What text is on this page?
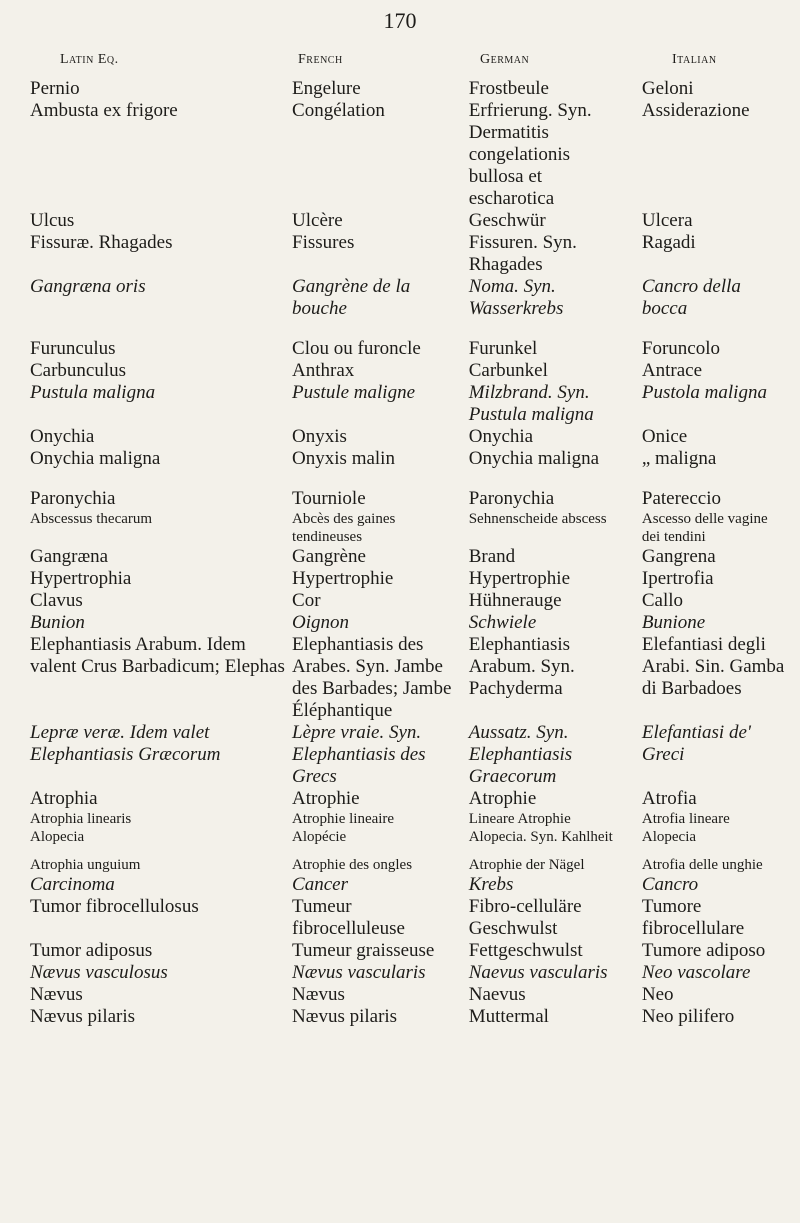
170
Latin Eq.	French	German	Italian
Pernio	Engelure	Frostbeule	Geloni

Ambusta ex frigore	Congélation	Erfrierung. Syn. Dermatitis congelationis bullosa et escharotica	Assiderazione

Ulcus	Ulcère	Geschwür	Ulcera

Fissuræ. Rhagades	Fissures	Fissuren. Syn. Rhagades	Ragadi

Gangræna oris	Gangrène de la bouche	Noma. Syn. Wasserkrebs	Cancro della bocca

Furunculus	Clou ou furoncle	Furunkel	Foruncolo

Carbunculus	Anthrax	Carbunkel	Antrace

Pustula maligna	Pustule maligne	Milzbrand. Syn. Pustula maligna	Pustola maligna

Onychia	Onyxis	Onychia	Onice

Onychia maligna	Onyxis malin	Onychia maligna	„ maligna

Paronychia	Tourniole	Paronychia	Patereccio

Abscessus thecarum	Abcès des gaines tendineuses	Sehnenscheide abscess	Ascesso delle vagine dei tendini

Gangræna	Gangrène	Brand	Gangrena

Hypertrophia	Hypertrophie	Hypertrophie	Ipertrofia

Clavus	Cor	Hühnerauge	Callo

Bunion	Oignon	Schwiele	Bunione

Elephantiasis Arabum. Idem valent Crus Barbadicum; Elephas	Elephantiasis des Arabes. Syn. Jambe des Barbades; Jambe Éléphantique	Elephantiasis Arabum. Syn. Pachyderma	Elefantiasi degli Arabi. Sin. Gamba di Barbadoes

Lepræ veræ. Idem valet Elephantiasis Græcorum	Lèpre vraie. Syn. Elephantiasis des Grecs	Aussatz. Syn. Elephantiasis Graecorum	Elefantiasi de' Greci

Atrophia	Atrophie	Atrophie	Atrofia

Atrophia linearis	Atrophie lineaire	Lineare Atrophie	Atrofia lineare

Alopecia	Alopécie	Alopecia. Syn. Kahlheit	Alopecia

Atrophia unguium	Atrophie des ongles	Atrophie der Nägel	Atrofia delle unghie

Carcinoma	Cancer	Krebs	Cancro

Tumor fibrocellulosus	Tumeur fibrocelluleuse	Fibro-celluläre Geschwulst	Tumore fibrocellulare

Tumor adiposus	Tumeur graisseuse	Fettgeschwulst	Tumore adiposo

Nævus vasculosus	Nævus vascularis	Naevus vascularis	Neo vascolare

Nævus	Nævus	Naevus	Neo

Nævus pilaris	Nævus pilaris	Muttermal	Neo pilifero
